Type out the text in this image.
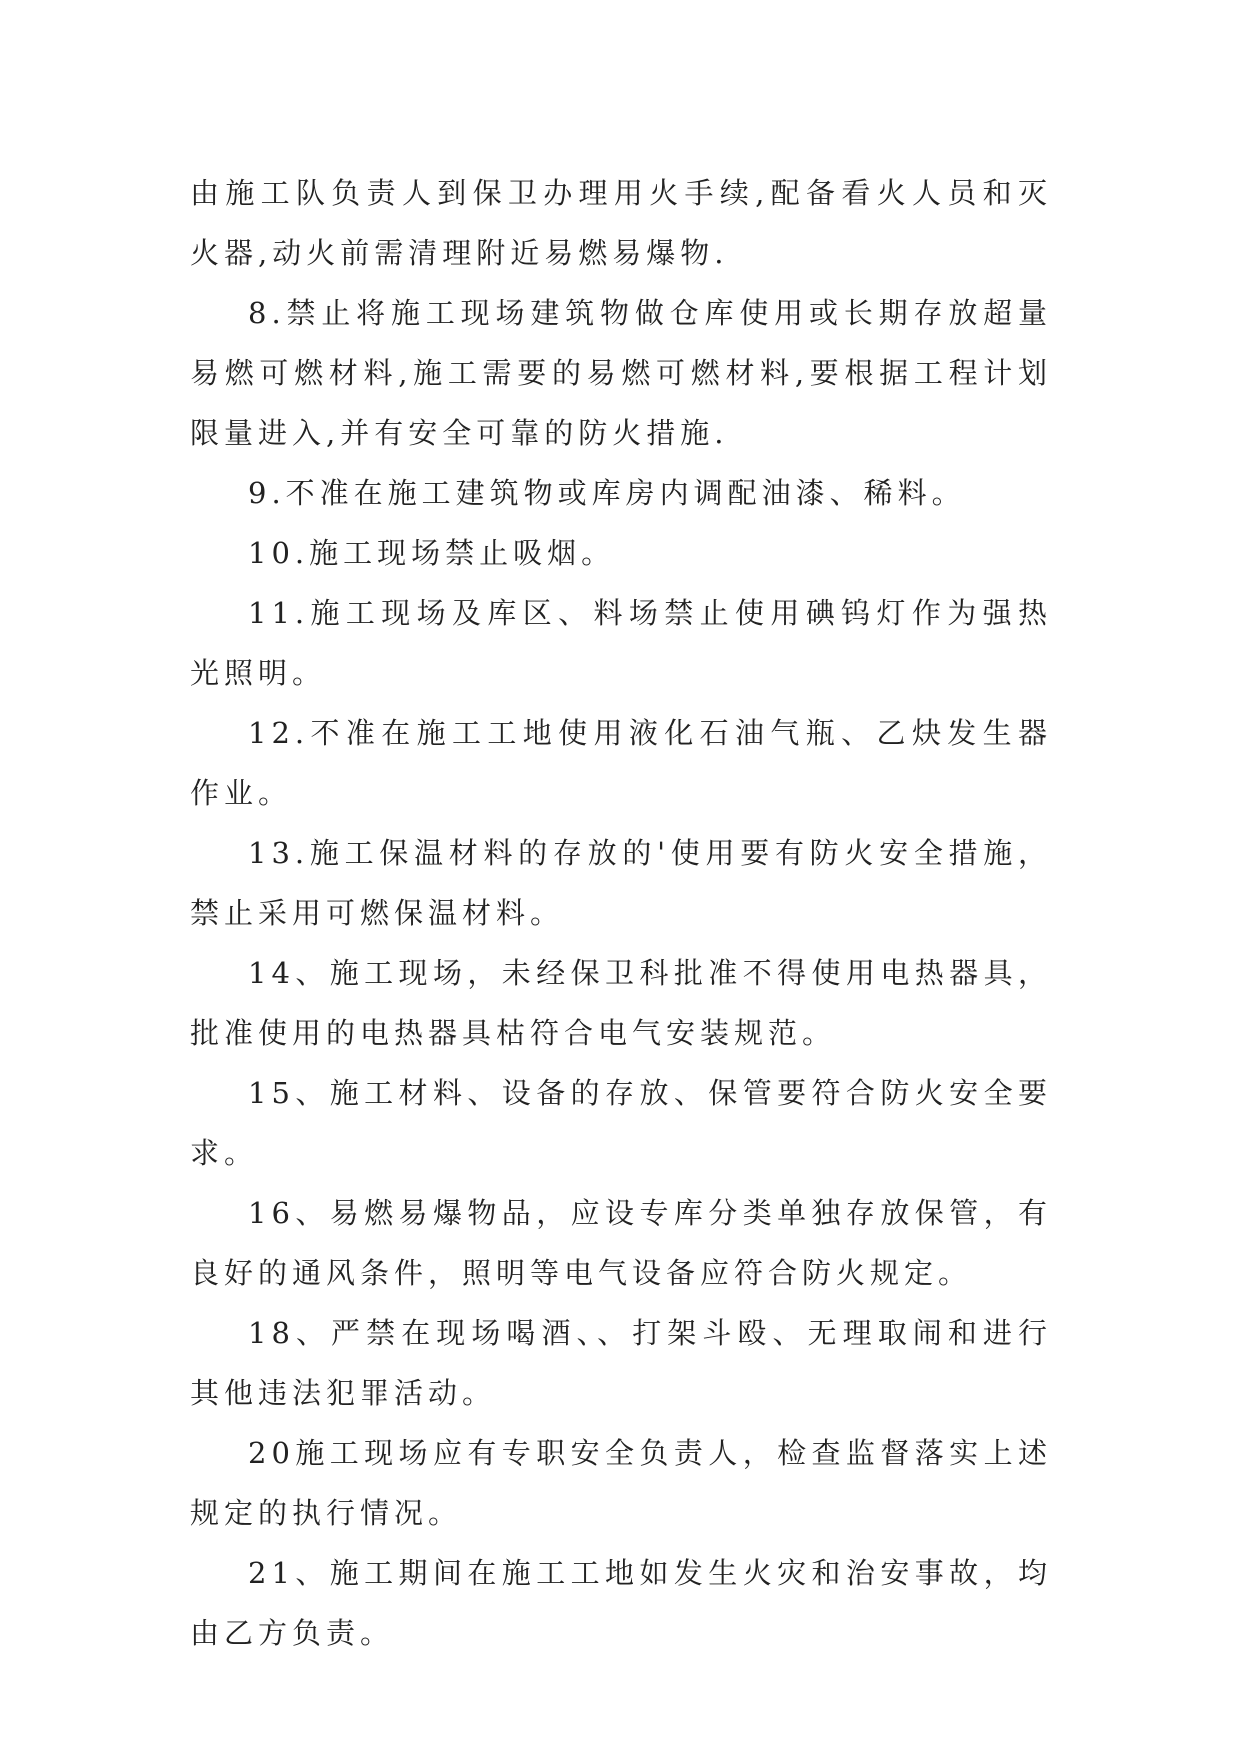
由施工队负责人到保卫办理用火手续,配备看火人员和灭火器,动火前需清理附近易燃易爆物.

8.禁止将施工现场建筑物做仓库使用或长期存放超量易燃可燃材料,施工需要的易燃可燃材料,要根据工程计划限量进入,并有安全可靠的防火措施.

9.不准在施工建筑物或库房内调配油漆、稀料。

10.施工现场禁止吸烟。

11.施工现场及库区、料场禁止使用碘钨灯作为强热光照明。

12.不准在施工工地使用液化石油气瓶、乙炔发生器作业。

13.施工保温材料的存放的'使用要有防火安全措施，禁止采用可燃保温材料。

14、施工现场，未经保卫科批准不得使用电热器具，批准使用的电热器具枯符合电气安装规范。

15、施工材料、设备的存放、保管要符合防火安全要求。

16、易燃易爆物品，应设专库分类单独存放保管，有良好的通风条件，照明等电气设备应符合防火规定。

18、严禁在现场喝酒、、打架斗殴、无理取闹和进行其他违法犯罪活动。

20施工现场应有专职安全负责人，检查监督落实上述规定的执行情况。

21、施工期间在施工工地如发生火灾和治安事故，均由乙方负责。
